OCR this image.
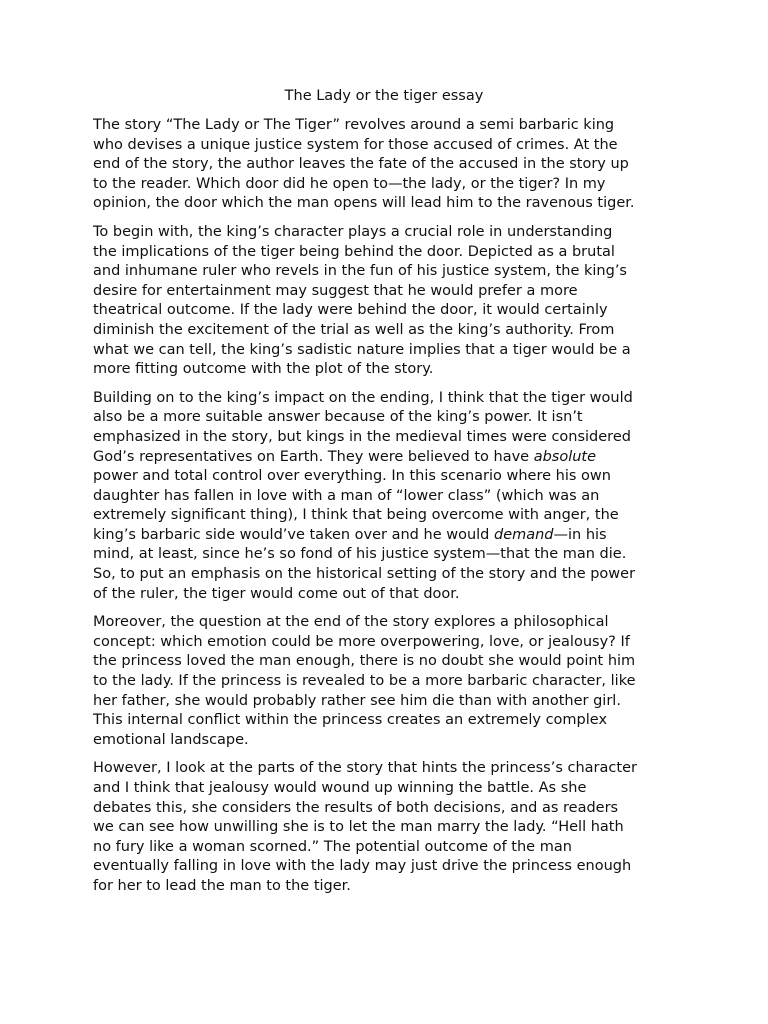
The Lady or the tiger essay

The story “The Lady or The Tiger” revolves around a semi barbaric king
who devises a unique justice system for those accused of crimes. At the
end of the story, the author leaves the fate of the accused in the story up
to the reader. Which door did he open to—the lady, or the tiger? In my
opinion, the door which the man opens will lead him to the ravenous tiger.

To begin with, the king’s character plays a crucial role in understanding
the implications of the tiger being behind the door. Depicted as a brutal
and inhumane ruler who revels in the fun of his justice system, the king’s
desire for entertainment may suggest that he would prefer a more
theatrical outcome. If the lady were behind the door, it would certainly
diminish the excitement of the trial as well as the king’s authority. From
what we can tell, the king’s sadistic nature implies that a tiger would be a
more fitting outcome with the plot of the story.

Building on to the king’s impact on the ending, I think that the tiger would
also be a more suitable answer because of the king’s power. It isn’t
emphasized in the story, but kings in the medieval times were considered
God’s representatives on Earth. They were believed to have absolute
power and total control over everything. In this scenario where his own
daughter has fallen in love with a man of “lower class” (which was an
extremely significant thing), I think that being overcome with anger, the
king’s barbaric side would’ve taken over and he would demand—in his
mind, at least, since he’s so fond of his justice system—that the man die.
So, to put an emphasis on the historical setting of the story and the power
of the ruler, the tiger would come out of that door.

Moreover, the question at the end of the story explores a philosophical
concept: which emotion could be more overpowering, love, or jealousy? If
the princess loved the man enough, there is no doubt she would point him
to the lady. If the princess is revealed to be a more barbaric character, like
her father, she would probably rather see him die than with another girl.
This internal conflict within the princess creates an extremely complex
emotional landscape.

However, I look at the parts of the story that hints the princess’s character
and I think that jealousy would wound up winning the battle. As she
debates this, she considers the results of both decisions, and as readers
we can see how unwilling she is to let the man marry the lady. “Hell hath
no fury like a woman scorned.” The potential outcome of the man
eventually falling in love with the lady may just drive the princess enough
for her to lead the man to the tiger.
